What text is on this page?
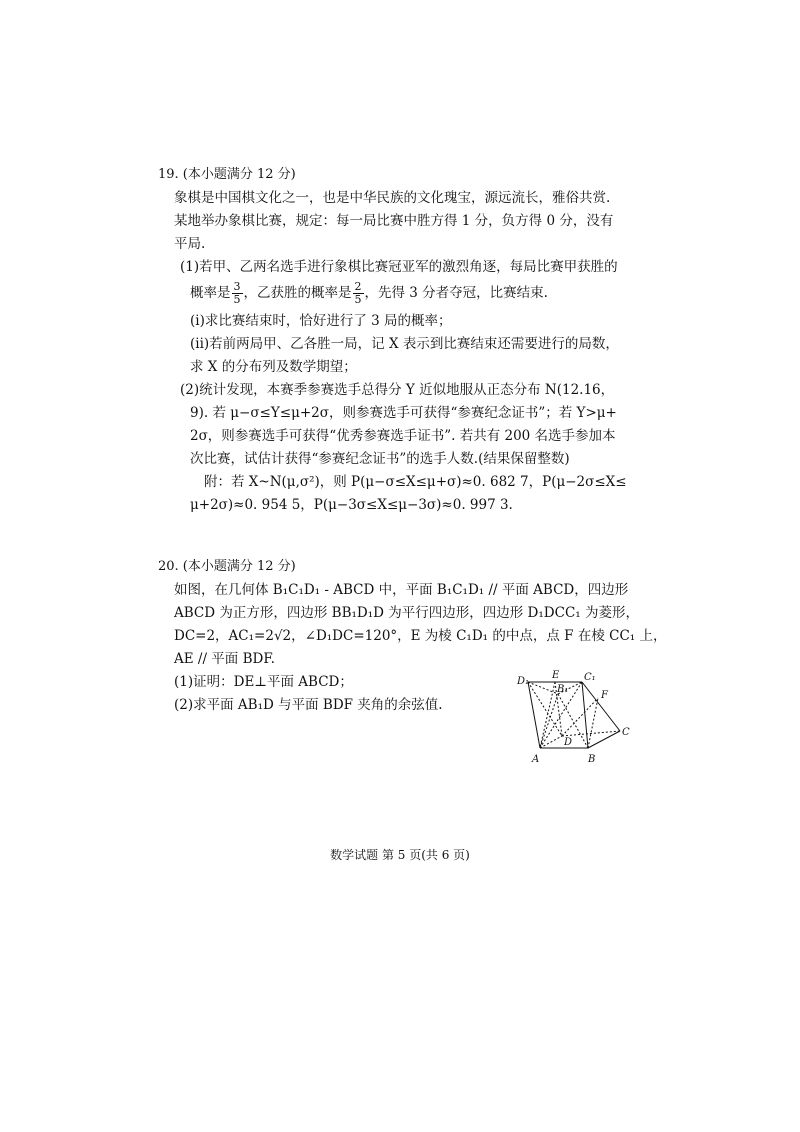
19. (本小题满分 12 分)
象棋是中国棋文化之一，也是中华民族的文化瑰宝，源远流长，雅俗共赏.
某地举办象棋比赛，规定：每一局比赛中胜方得 1 分，负方得 0 分，没有
平局.
(1)若甲、乙两名选手进行象棋比赛冠亚军的激烈角逐，每局比赛甲获胜的
概率是 $\frac{3}{5}$ ，乙获胜的概率是 $\frac{2}{5}$ ，先得 3 分者夺冠，比赛结束.
(i)求比赛结束时，恰好进行了 3 局的概率；
(ii)若前两局甲、乙各胜一局，记 X 表示到比赛结束还需要进行的局数，
求 X 的分布列及数学期望；
(2)统计发现，本赛季参赛选手总得分 Y 近似地服从正态分布 N(12.16，
9). 若 μ−σ≤Y≤μ+2σ，则参赛选手可获得“参赛纪念证书”；若 Y>μ+
2σ，则参赛选手可获得“优秀参赛选手证书”. 若共有 200 名选手参加本
次比赛，试估计获得“参赛纪念证书”的选手人数.(结果保留整数)
附：若 X~N(μ,σ²)，则 P(μ−σ≤X≤μ+σ)≈0. 682 7，P(μ−2σ≤X≤
μ+2σ)≈0. 954 5，P(μ−3σ≤X≤μ−3σ)≈0. 997 3.
20. (本小题满分 12 分)
如图，在几何体 B₁C₁D₁ - ABCD 中，平面 B₁C₁D₁ // 平面 ABCD，四边形
ABCD 为正方形，四边形 BB₁D₁D 为平行四边形，四边形 D₁DCC₁ 为菱形，
DC=2，AC₁=2√2，∠D₁DC=120°，E 为棱 C₁D₁ 的中点，点 F 在棱 CC₁ 上，
AE // 平面 BDF.
(1)证明：DE⊥平面 ABCD；
(2)求平面 AB₁D 与平面 BDF 夹角的余弦值.
D₁
E C₁
B₁
F
D
C
A	B
数学试题 第 5 页(共 6 页)
